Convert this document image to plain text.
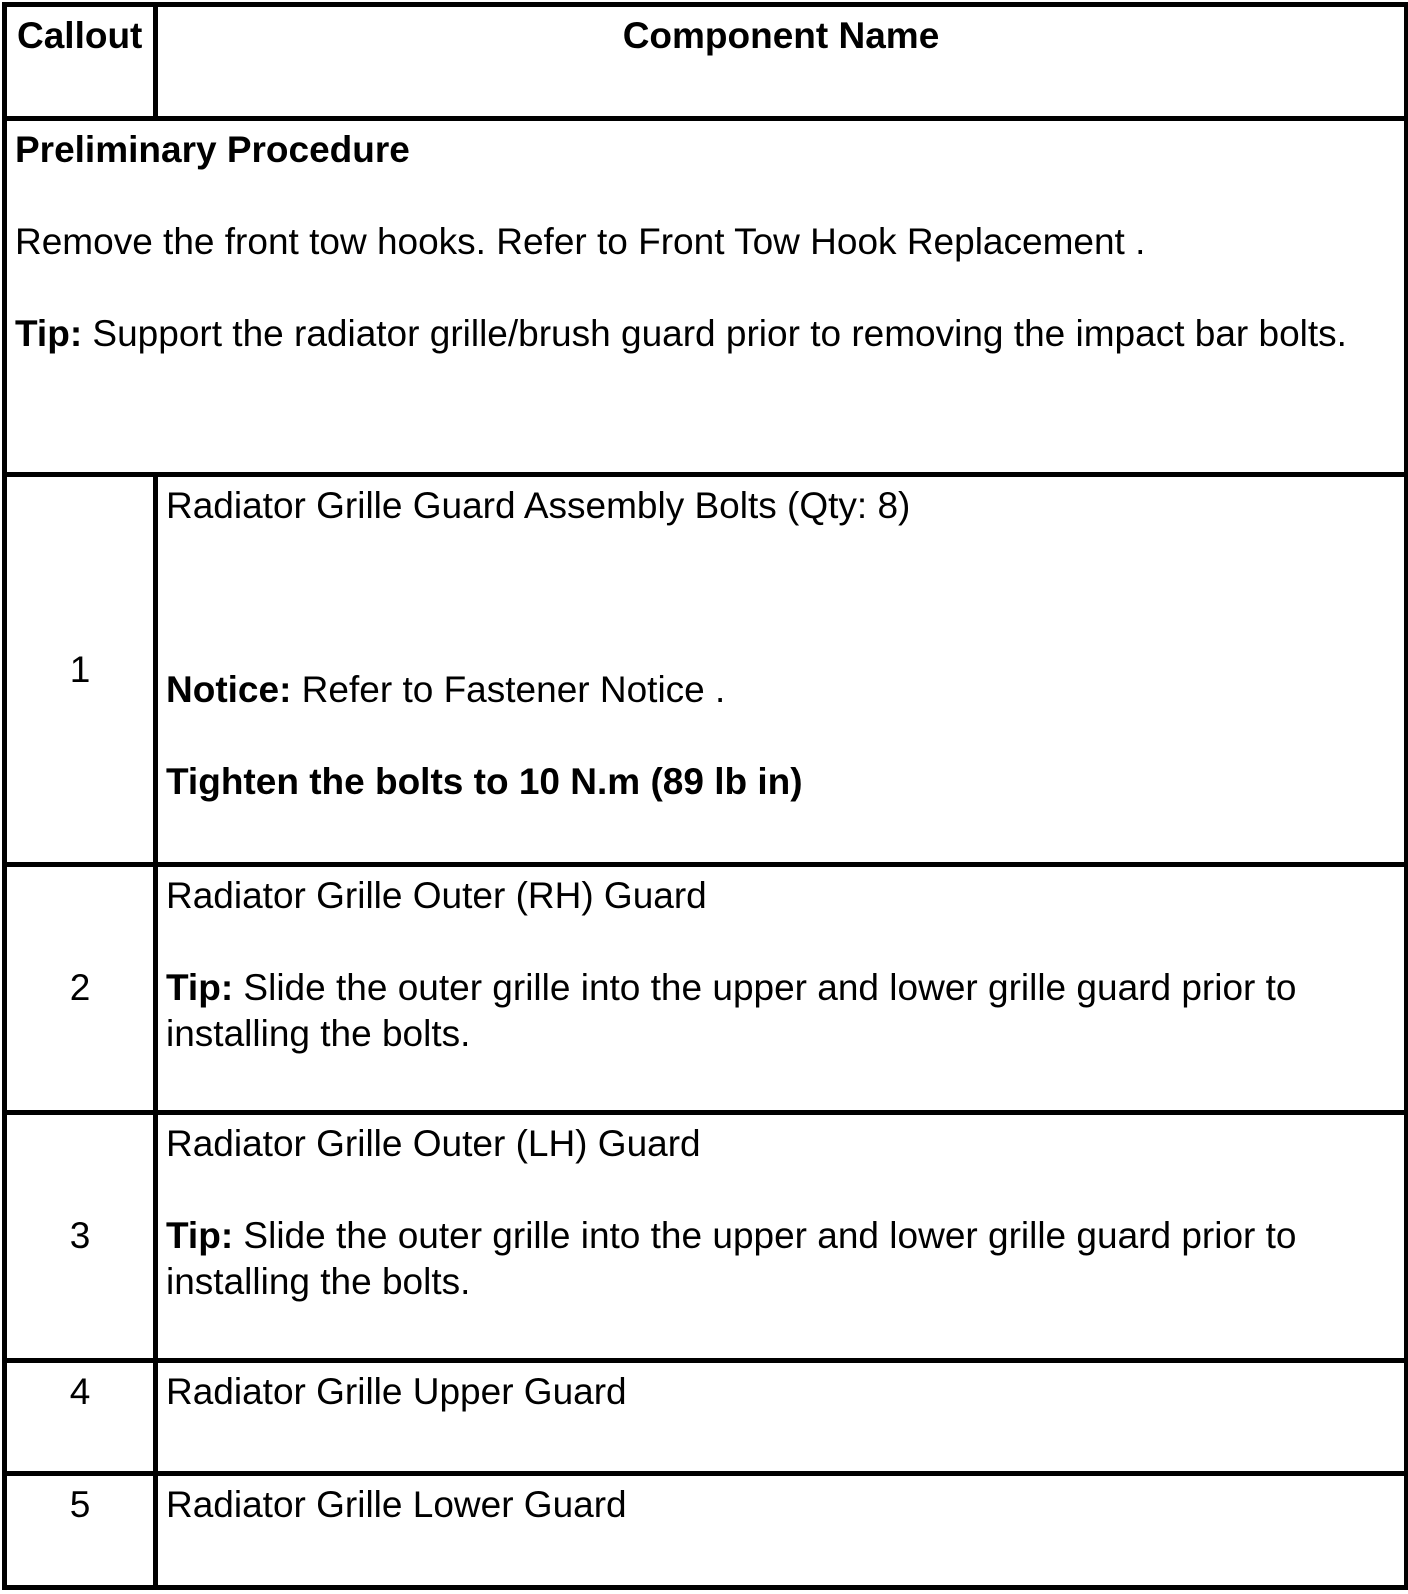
Callout	Component Name

Preliminary Procedure

Remove the front tow hooks. Refer to Front Tow Hook Replacement .

Tip: Support the radiator grille/brush guard prior to removing the impact bar bolts.	

1	Radiator Grille Guard Assembly Bolts (Qty: 8)

Notice: Refer to Fastener Notice .

Tighten the bolts to 10 N.m (89 lb in)

2	Radiator Grille Outer (RH) Guard

Tip: Slide the outer grille into the upper and lower grille guard prior to installing the bolts.

3	Radiator Grille Outer (LH) Guard

Tip: Slide the outer grille into the upper and lower grille guard prior to installing the bolts.

4	Radiator Grille Upper Guard

5	Radiator Grille Lower Guard
